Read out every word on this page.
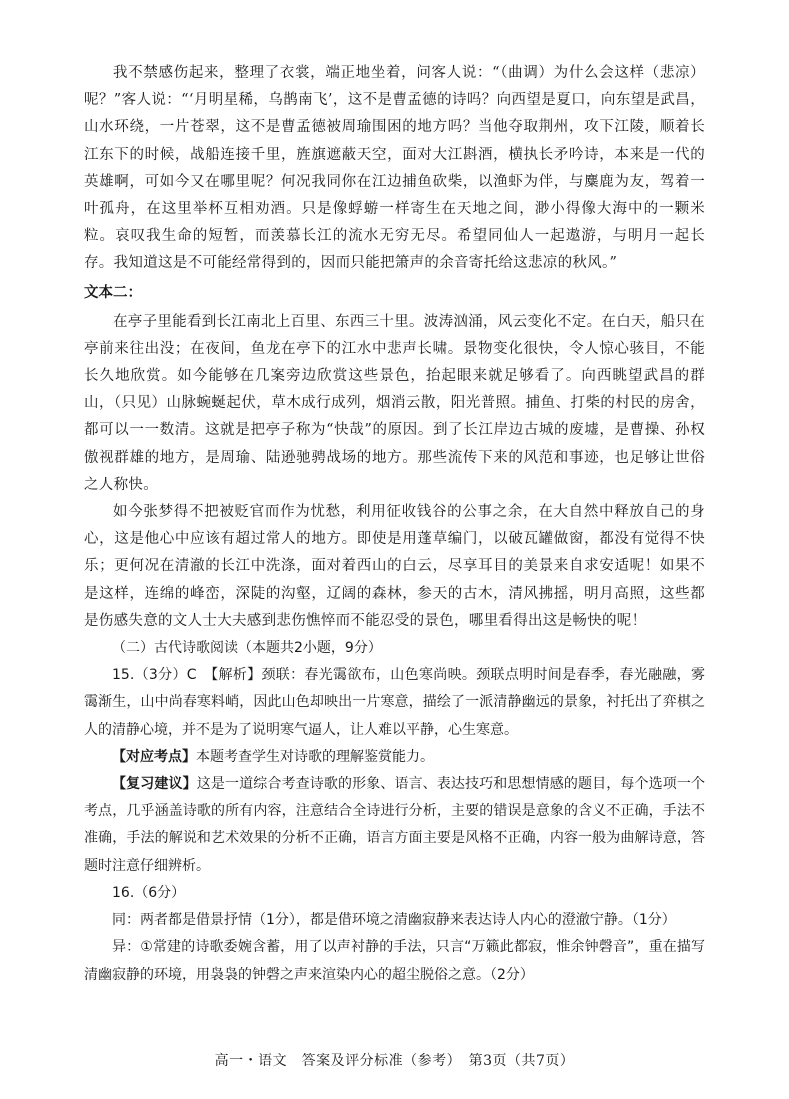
我不禁感伤起来，整理了衣裳，端正地坐着，问客人说：“（曲调）为什么会这样（悲凉）呢？”客人说：“‘月明星稀，乌鹊南飞’，这不是曹孟德的诗吗？向西望是夏口，向东望是武昌，山水环绕，一片苍翠，这不是曹孟德被周瑜围困的地方吗？当他夺取荆州，攻下江陵，顺着长江东下的时候，战船连接千里，旌旗遮蔽天空，面对大江斟酒，横执长矛吟诗，本来是一代的英雄啊，可如今又在哪里呢？何况我同你在江边捕鱼砍柴，以渔虾为伴，与麋鹿为友，驾着一叶孤舟，在这里举杯互相劝酒。只是像蜉蝣一样寄生在天地之间，渺小得像大海中的一颗米粒。哀叹我生命的短暂，而羡慕长江的流水无穷无尽。希望同仙人一起遨游，与明月一起长存。我知道这是不可能经常得到的，因而只能把箫声的余音寄托给这悲凉的秋风。”

文本二：

在亭子里能看到长江南北上百里、东西三十里。波涛汹涌，风云变化不定。在白天，船只在亭前来往出没；在夜间，鱼龙在亭下的江水中悲声长啸。景物变化很快，令人惊心骇目，不能长久地欣赏。如今能够在几案旁边欣赏这些景色，抬起眼来就足够看了。向西眺望武昌的群山，（只见）山脉蜿蜒起伏，草木成行成列，烟消云散，阳光普照。捕鱼、打柴的村民的房舍，都可以一一数清。这就是把亭子称为“快哉”的原因。到了长江岸边古城的废墟，是曹操、孙权傲视群雄的地方，是周瑜、陆逊驰骋战场的地方。那些流传下来的风范和事迹，也足够让世俗之人称快。

如今张梦得不把被贬官而作为忧愁，利用征收钱谷的公事之余，在大自然中释放自己的身心，这是他心中应该有超过常人的地方。即使是用蓬草编门，以破瓦罐做窗，都没有觉得不快乐；更何况在清澈的长江中洗涤，面对着西山的白云，尽享耳目的美景来自求安适呢！如果不是这样，连绵的峰峦，深陡的沟壑，辽阔的森林，参天的古木，清风拂摇，明月高照，这些都是伤感失意的文人士大夫感到悲伤憔悴而不能忍受的景色，哪里看得出这是畅快的呢！

（二）古代诗歌阅读（本题共2小题，9分）

15.（3分）C　【解析】颈联：春光霭欲布，山色寒尚映。颈联点明时间是春季，春光融融，雾霭渐生，山中尚春寒料峭，因此山色却映出一片寒意，描绘了一派清静幽远的景象，衬托出了弈棋之人的清静心境，并不是为了说明寒气逼人，让人难以平静，心生寒意。

【对应考点】本题考查学生对诗歌的理解鉴赏能力。

【复习建议】这是一道综合考查诗歌的形象、语言、表达技巧和思想情感的题目，每个选项一个考点，几乎涵盖诗歌的所有内容，注意结合全诗进行分析，主要的错误是意象的含义不正确，手法不准确，手法的解说和艺术效果的分析不正确，语言方面主要是风格不正确，内容一般为曲解诗意，答题时注意仔细辨析。

16.（6分）

同：两者都是借景抒情（1分），都是借环境之清幽寂静来表达诗人内心的澄澈宁静。（1分）

异：①常建的诗歌委婉含蓄，用了以声衬静的手法，只言“万籁此都寂，惟余钟磬音”，重在描写清幽寂静的环境，用袅袅的钟磬之声来渲染内心的超尘脱俗之意。（2分）

高一・语文　答案及评分标准（参考）　第3页（共7页）
